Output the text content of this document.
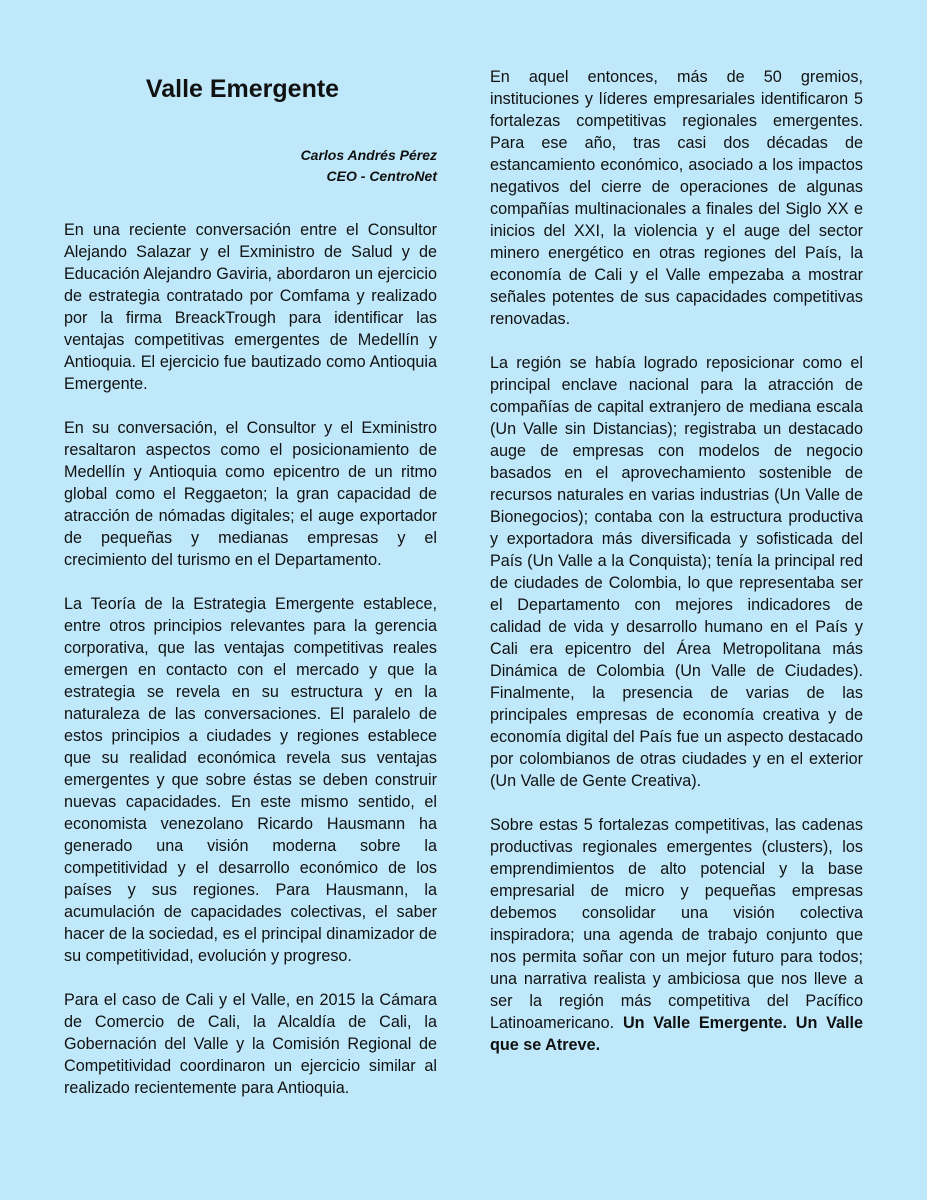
Valle Emergente
Carlos Andrés Pérez
CEO - CentroNet

En una reciente conversación entre el Consultor Alejando Salazar y el Exministro de Salud y de Educación Alejandro Gaviria, abordaron un ejercicio de estrategia contratado por Comfama y realizado por la firma BreackTrough para identificar las ventajas competitivas emergentes de Medellín y Antioquia. El ejercicio fue bautizado como Antioquia Emergente.

En su conversación, el Consultor y el Exministro resaltaron aspectos como el posicionamiento de Medellín y Antioquia como epicentro de un ritmo global como el Reggaeton; la gran capacidad de atracción de nómadas digitales; el auge exportador de pequeñas y medianas empresas y el crecimiento del turismo en el Departamento.

La Teoría de la Estrategia Emergente establece, entre otros principios relevantes para la gerencia corporativa, que las ventajas competitivas reales emergen en contacto con el mercado y que la estrategia se revela en su estructura y en la naturaleza de las conversaciones. El paralelo de estos principios a ciudades y regiones establece que su realidad económica revela sus ventajas emergentes y que sobre éstas se deben construir nuevas capacidades. En este mismo sentido, el economista venezolano Ricardo Hausmann ha generado una visión moderna sobre la competitividad y el desarrollo económico de los países y sus regiones. Para Hausmann, la acumulación de capacidades colectivas, el saber hacer de la sociedad, es el principal dinamizador de su competitividad, evolución y progreso.

Para el caso de Cali y el Valle, en 2015 la Cámara de Comercio de Cali, la Alcaldía de Cali, la Gobernación del Valle y la Comisión Regional de Competitividad coordinaron un ejercicio similar al realizado recientemente para Antioquia.

En aquel entonces, más de 50 gremios, instituciones y líderes empresariales identificaron 5 fortalezas competitivas regionales emergentes. Para ese año, tras casi dos décadas de estancamiento económico, asociado a los impactos negativos del cierre de operaciones de algunas compañías multinacionales a finales del Siglo XX e inicios del XXI, la violencia y el auge del sector minero energético en otras regiones del País, la economía de Cali y el Valle empezaba a mostrar señales potentes de sus capacidades competitivas renovadas.

La región se había logrado reposicionar como el principal enclave nacional para la atracción de compañías de capital extranjero de mediana escala (Un Valle sin Distancias); registraba un destacado auge de empresas con modelos de negocio basados en el aprovechamiento sostenible de recursos naturales en varias industrias (Un Valle de Bionegocios); contaba con la estructura productiva y exportadora más diversificada y sofisticada del País (Un Valle a la Conquista); tenía la principal red de ciudades de Colombia, lo que representaba ser el Departamento con mejores indicadores de calidad de vida y desarrollo humano en el País y Cali era epicentro del Área Metropolitana más Dinámica de Colombia (Un Valle de Ciudades). Finalmente, la presencia de varias de las principales empresas de economía creativa y de economía digital del País fue un aspecto destacado por colombianos de otras ciudades y en el exterior (Un Valle de Gente Creativa).

Sobre estas 5 fortalezas competitivas, las cadenas productivas regionales emergentes (clusters), los emprendimientos de alto potencial y la base empresarial de micro y pequeñas empresas debemos consolidar una visión colectiva inspiradora; una agenda de trabajo conjunto que nos permita soñar con un mejor futuro para todos; una narrativa realista y ambiciosa que nos lleve a ser la región más competitiva del Pacífico Latinoamericano. Un Valle Emergente. Un Valle que se Atreve.
